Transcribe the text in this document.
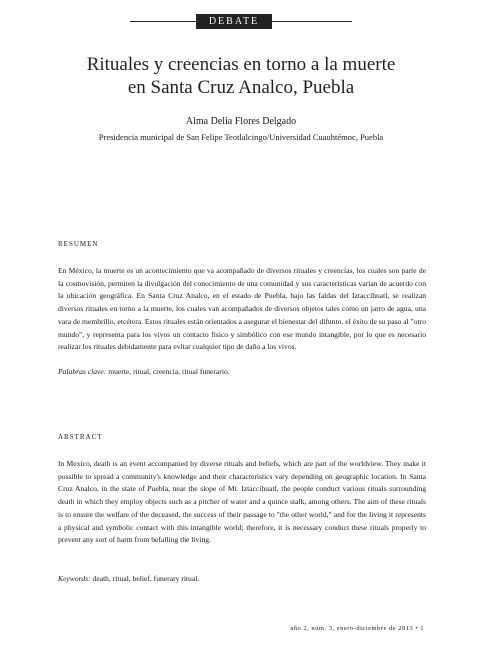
DEBATE
Rituales y creencias en torno a la muerte
en Santa Cruz Analco, Puebla
Alma Delia Flores Delgado
Presidencia municipal de San Felipe Teotlalcingo/Universidad Cuauhtémoc, Puebla
RESUMEN
En México, la muerte es un acontecimiento que va acompañado de diversos rituales y creencias, los cuales son parte de la cosmovisión, permiten la divulgación del conocimiento de una comunidad y sus características varían de acuerdo con la ubicación geográfica. En Santa Cruz Analco, en el estado de Puebla, bajo las faldas del Iztaccíhuatl, se realizan diversos rituales en torno a la muerte, los cuales van acompañados de diversos objetos tales como un jarro de agua, una vara de membrillo, etcétera. Estos rituales están orientados a asegurar el bienestar del difunto, el éxito de su paso al "otro mundo", y representa para los vivos un contacto físico y simbólico con ese mundo intangible, por lo que es necesario realizar los rituales debidamente para evitar cualquier tipo de daño a los vivos.
Palabras clave: muerte, ritual, creencia, ritual funerario.
ABSTRACT
In Mexico, death is an event accompanied by diverse rituals and beliefs, which are part of the worldview. They make it possible to spread a community's knowledge and their characteristics vary depending on geographic location. In Santa Cruz Analco, in the state of Puebla, near the slope of Mt. Iztaccíhuatl, the people conduct various rituals surrounding death in which they employ objects such as a pitcher of water and a quince stalk, among others. The aim of these rituals is to ensure the welfare of the deceased, the success of their passage to "the other world," and for the living it represents a physical and symbolic contact with this intangible world; therefore, it is necessary conduct these rituals properly to prevent any sort of harm from befalling the living.
Keywords: death, ritual, belief, funerary ritual.
año 2, núm. 3, enero-diciembre de 2013 • 1
